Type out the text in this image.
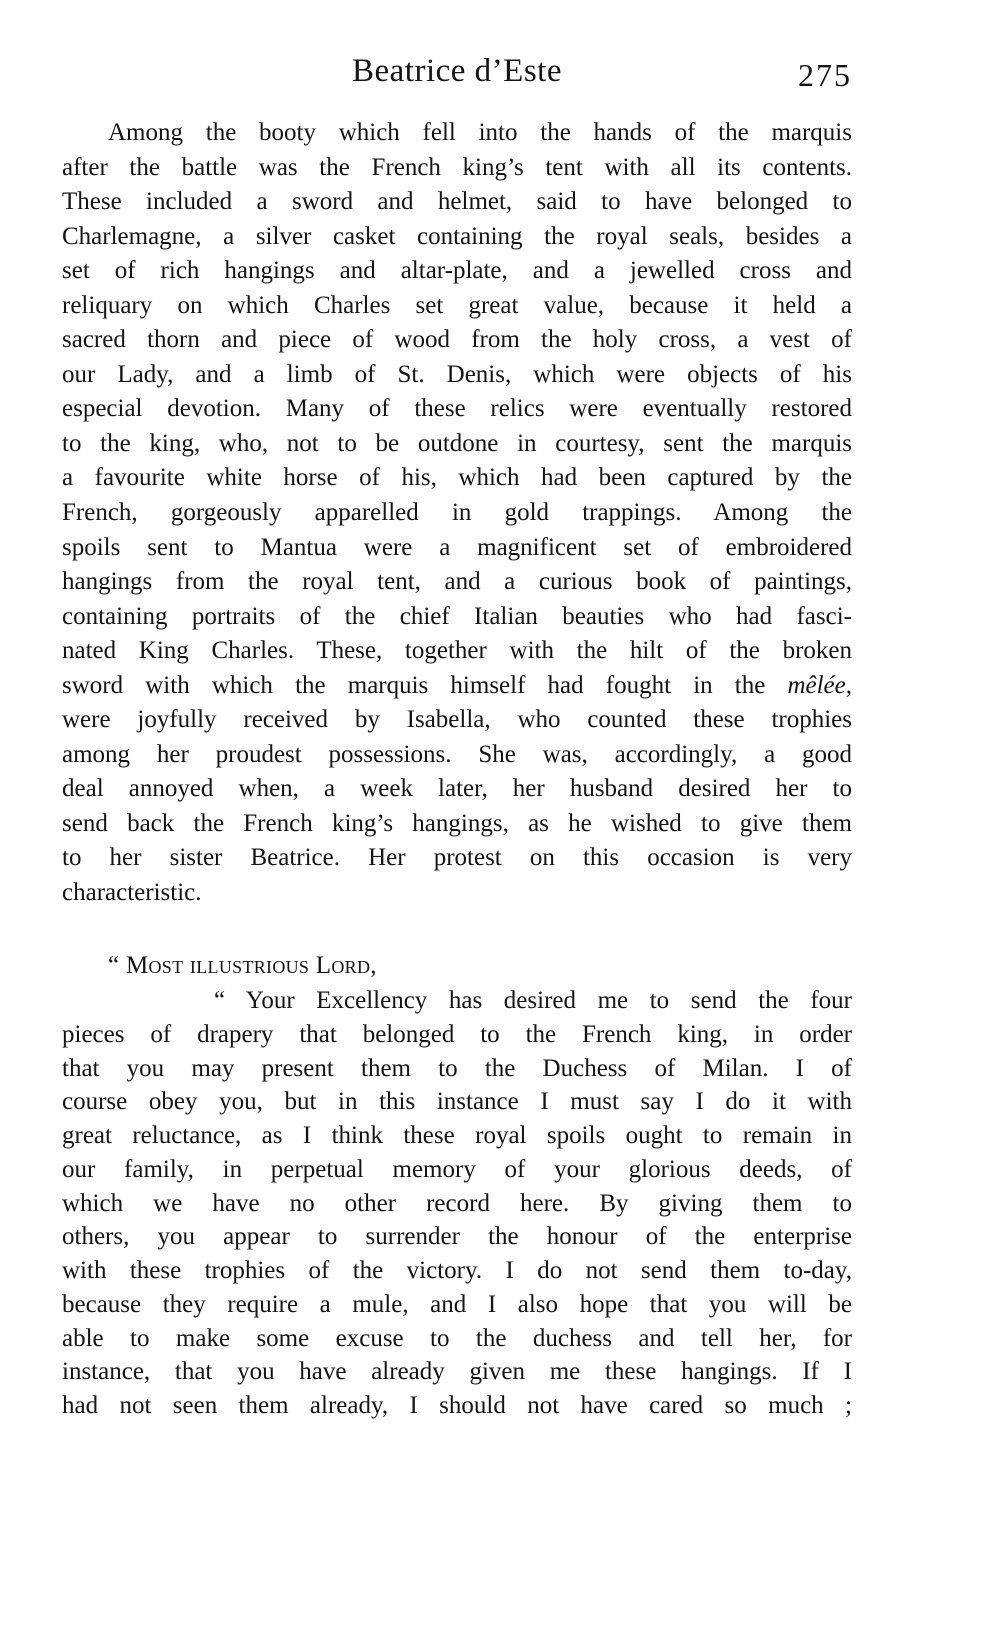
Beatrice d’Este	275
Among the booty which fell into the hands of the marquis
after the battle was the French king’s tent with all its contents.
These included a sword and helmet, said to have belonged to
Charlemagne, a silver casket containing the royal seals, besides a
set of rich hangings and altar-plate, and a jewelled cross and
reliquary on which Charles set great value, because it held a
sacred thorn and piece of wood from the holy cross, a vest of
our Lady, and a limb of St. Denis, which were objects of his
especial devotion. Many of these relics were eventually restored
to the king, who, not to be outdone in courtesy, sent the marquis
a favourite white horse of his, which had been captured by the
French, gorgeously apparelled in gold trappings. Among the
spoils sent to Mantua were a magnificent set of embroidered
hangings from the royal tent, and a curious book of paintings,
containing portraits of the chief Italian beauties who had fasci-
nated King Charles. These, together with the hilt of the broken
sword with which the marquis himself had fought in the mêlée,
were joyfully received by Isabella, who counted these trophies
among her proudest possessions. She was, accordingly, a good
deal annoyed when, a week later, her husband desired her to
send back the French king’s hangings, as he wished to give them
to her sister Beatrice. Her protest on this occasion is very
characteristic.
“ Most illustrious Lord,
“ Your Excellency has desired me to send the four
pieces of drapery that belonged to the French king, in order
that you may present them to the Duchess of Milan. I of
course obey you, but in this instance I must say I do it with
great reluctance, as I think these royal spoils ought to remain in
our family, in perpetual memory of your glorious deeds, of
which we have no other record here. By giving them to
others, you appear to surrender the honour of the enterprise
with these trophies of the victory. I do not send them to-day,
because they require a mule, and I also hope that you will be
able to make some excuse to the duchess and tell her, for
instance, that you have already given me these hangings. If I
had not seen them already, I should not have cared so much ;
